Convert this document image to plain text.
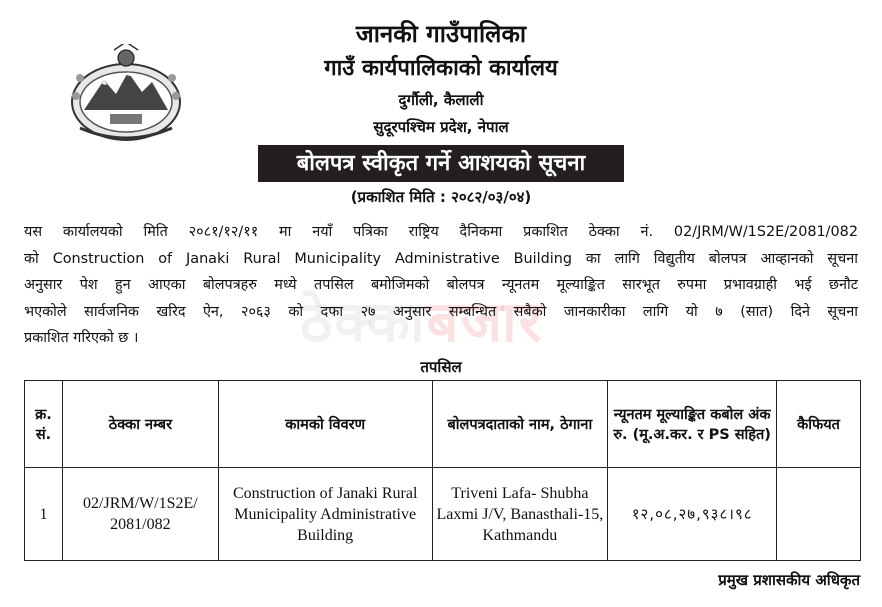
जानकी गाउँपालिका
गाउँ कार्यपालिकाको कार्यालय
दुर्गौली, कैलाली
सुदूरपश्चिम प्रदेश, नेपाल
बोलपत्र स्वीकृत गर्ने आशयको सूचना
(प्रकाशित मिति : २०८२/०३/०४)
ठेक्काबजार
यस कार्यालयको मिति २०८१/१२/११ मा नयाँ पत्रिका राष्ट्रिय दैनिकमा प्रकाशित ठेक्का नं. 02/JRM/W/1S2E/2081/082
को Construction of Janaki Rural Municipality Administrative Building का लागि विद्युतीय बोलपत्र आव्हानको सूचना
अनुसार पेश हुन आएका बोलपत्रहरु मध्ये तपसिल बमोजिमको बोलपत्र न्यूनतम मूल्याङ्कित सारभूत रुपमा प्रभावग्राही भई छनौट
भएकोले सार्वजनिक खरिद ऐन, २०६३ को दफा २७ अनुसार सम्बन्धित सबैको जानकारीका लागि यो ७ (सात) दिने सूचना
प्रकाशित गरिएको छ ।
तपसिल
क्र. सं.	ठेक्का नम्बर	कामको विवरण	बोलपत्रदाताको नाम, ठेगाना	न्यूनतम मूल्याङ्कित कबोल अंक रु. (मू.अ.कर. र PS सहित)	कैफियत
1	02/JRM/W/1S2E/ 2081/082	Construction of Janaki Rural Municipality Administrative Building	Triveni Lafa- Shubha Laxmi J/V, Banasthali-15, Kathmandu	१२,०८,२७,९३८।९८	
प्रमुख प्रशासकीय अधिकृत
